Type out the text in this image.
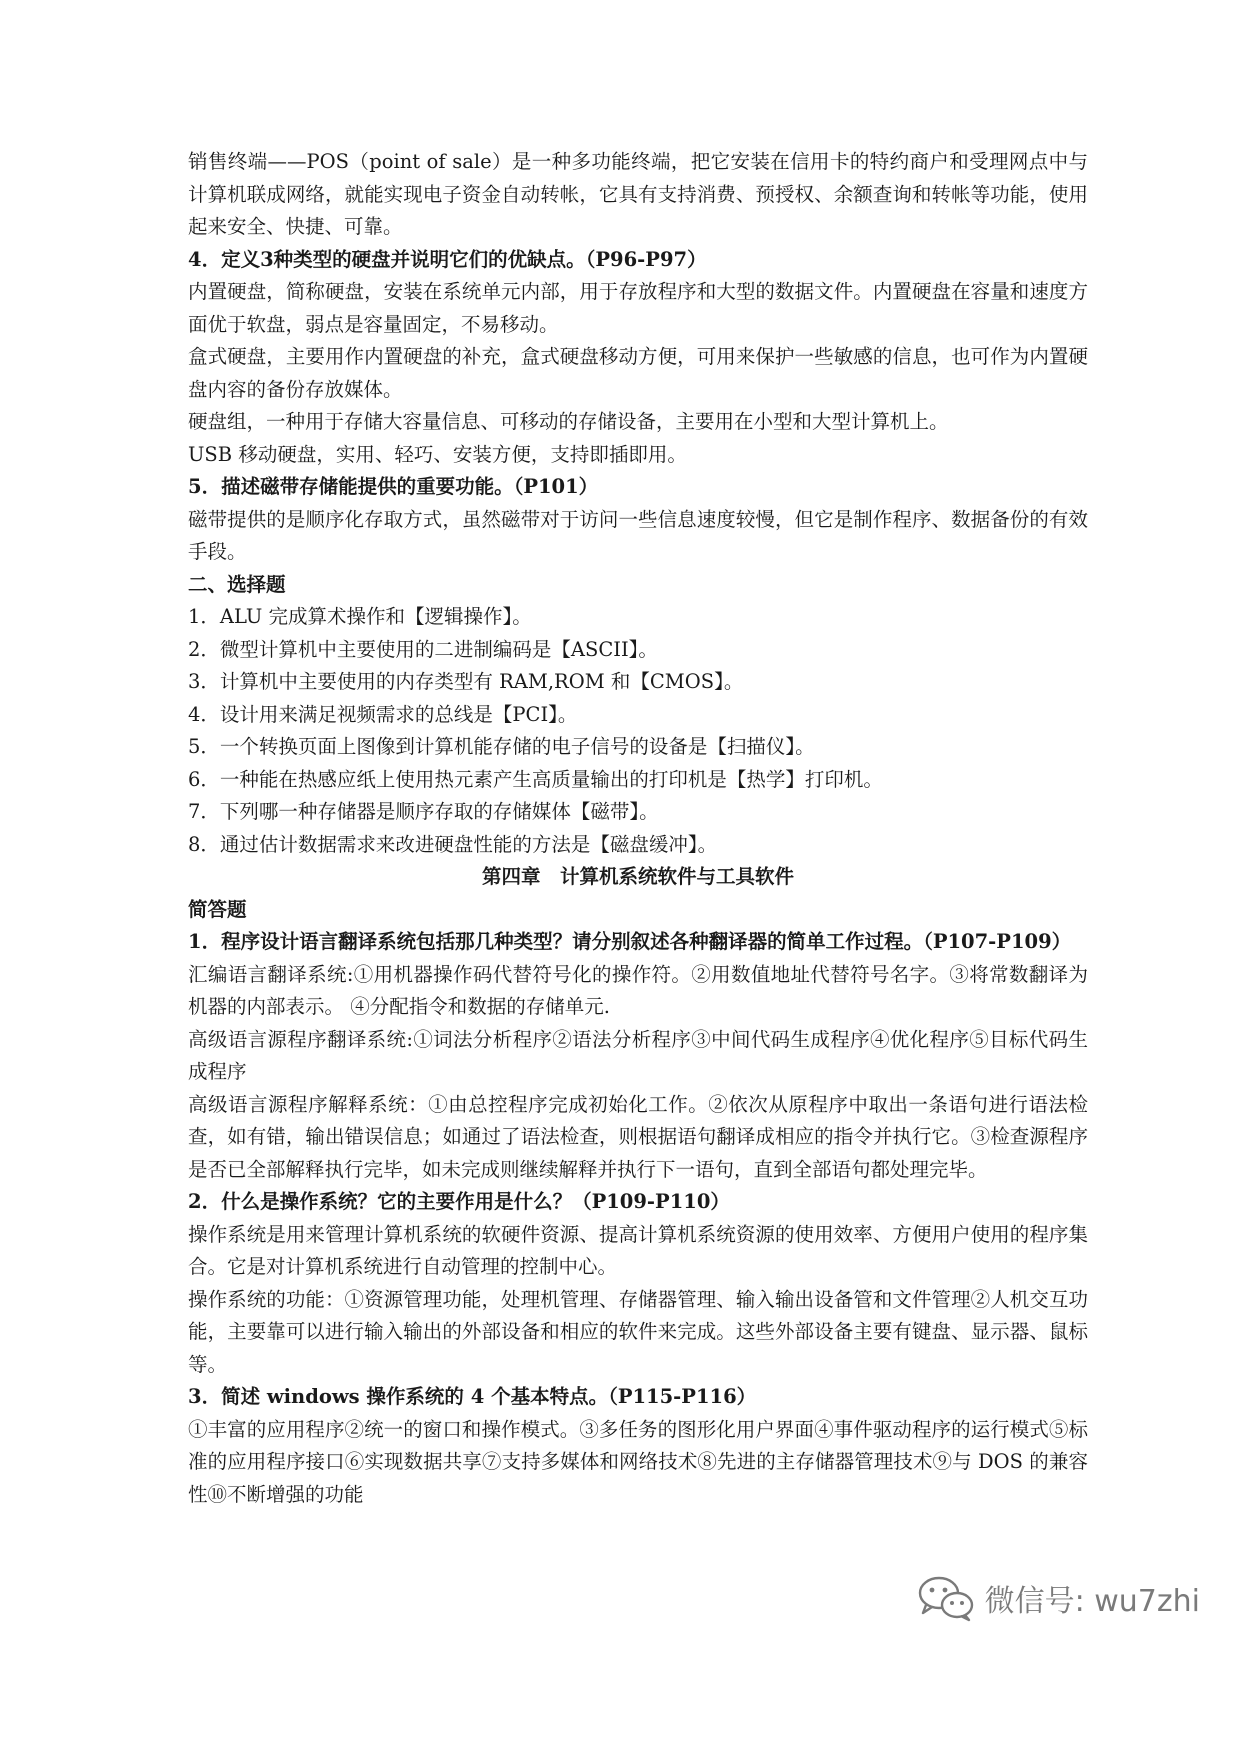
销售终端——POS（point of sale）是一种多功能终端，把它安装在信用卡的特约商户和受理网点中与计算机联成网络，就能实现电子资金自动转帐，它具有支持消费、预授权、余额查询和转帐等功能，使用起来安全、快捷、可靠。

4．定义3种类型的硬盘并说明它们的优缺点。（P96-P97）

内置硬盘，简称硬盘，安装在系统单元内部，用于存放程序和大型的数据文件。内置硬盘在容量和速度方面优于软盘，弱点是容量固定，不易移动。

盒式硬盘，主要用作内置硬盘的补充，盒式硬盘移动方便，可用来保护一些敏感的信息，也可作为内置硬盘内容的备份存放媒体。

硬盘组，一种用于存储大容量信息、可移动的存储设备，主要用在小型和大型计算机上。

USB 移动硬盘，实用、轻巧、安装方便，支持即插即用。

5．描述磁带存储能提供的重要功能。（P101）

磁带提供的是顺序化存取方式，虽然磁带对于访问一些信息速度较慢，但它是制作程序、数据备份的有效手段。

二、选择题

1．ALU 完成算术操作和【逻辑操作】。

2．微型计算机中主要使用的二进制编码是【ASCII】。

3．计算机中主要使用的内存类型有 RAM,ROM 和【CMOS】。

4．设计用来满足视频需求的总线是【PCI】。

5．一个转换页面上图像到计算机能存储的电子信号的设备是【扫描仪】。

6．一种能在热感应纸上使用热元素产生高质量输出的打印机是【热学】打印机。

7．下列哪一种存储器是顺序存取的存储媒体【磁带】。

8．通过估计数据需求来改进硬盘性能的方法是【磁盘缓冲】。

第四章　计算机系统软件与工具软件

简答题

1．程序设计语言翻译系统包括那几种类型？请分别叙述各种翻译器的简单工作过程。（P107-P109）

汇编语言翻译系统:①用机器操作码代替符号化的操作符。②用数值地址代替符号名字。③将常数翻译为机器的内部表示。 ④分配指令和数据的存储单元.

高级语言源程序翻译系统:①词法分析程序②语法分析程序③中间代码生成程序④优化程序⑤目标代码生成程序

高级语言源程序解释系统：①由总控程序完成初始化工作。②依次从原程序中取出一条语句进行语法检查，如有错，输出错误信息；如通过了语法检查，则根据语句翻译成相应的指令并执行它。③检查源程序是否已全部解释执行完毕，如未完成则继续解释并执行下一语句，直到全部语句都处理完毕。

2．什么是操作系统？它的主要作用是什么？（P109-P110）

操作系统是用来管理计算机系统的软硬件资源、提高计算机系统资源的使用效率、方便用户使用的程序集合。它是对计算机系统进行自动管理的控制中心。

操作系统的功能：①资源管理功能，处理机管理、存储器管理、输入输出设备管和文件管理②人机交互功能，主要靠可以进行输入输出的外部设备和相应的软件来完成。这些外部设备主要有键盘、显示器、鼠标等。

3．简述 windows 操作系统的 4 个基本特点。（P115-P116）

①丰富的应用程序②统一的窗口和操作模式。③多任务的图形化用户界面④事件驱动程序的运行模式⑤标准的应用程序接口⑥实现数据共享⑦支持多媒体和网络技术⑧先进的主存储器管理技术⑨与 DOS 的兼容性⑩不断增强的功能

微信号: wu7zhi
